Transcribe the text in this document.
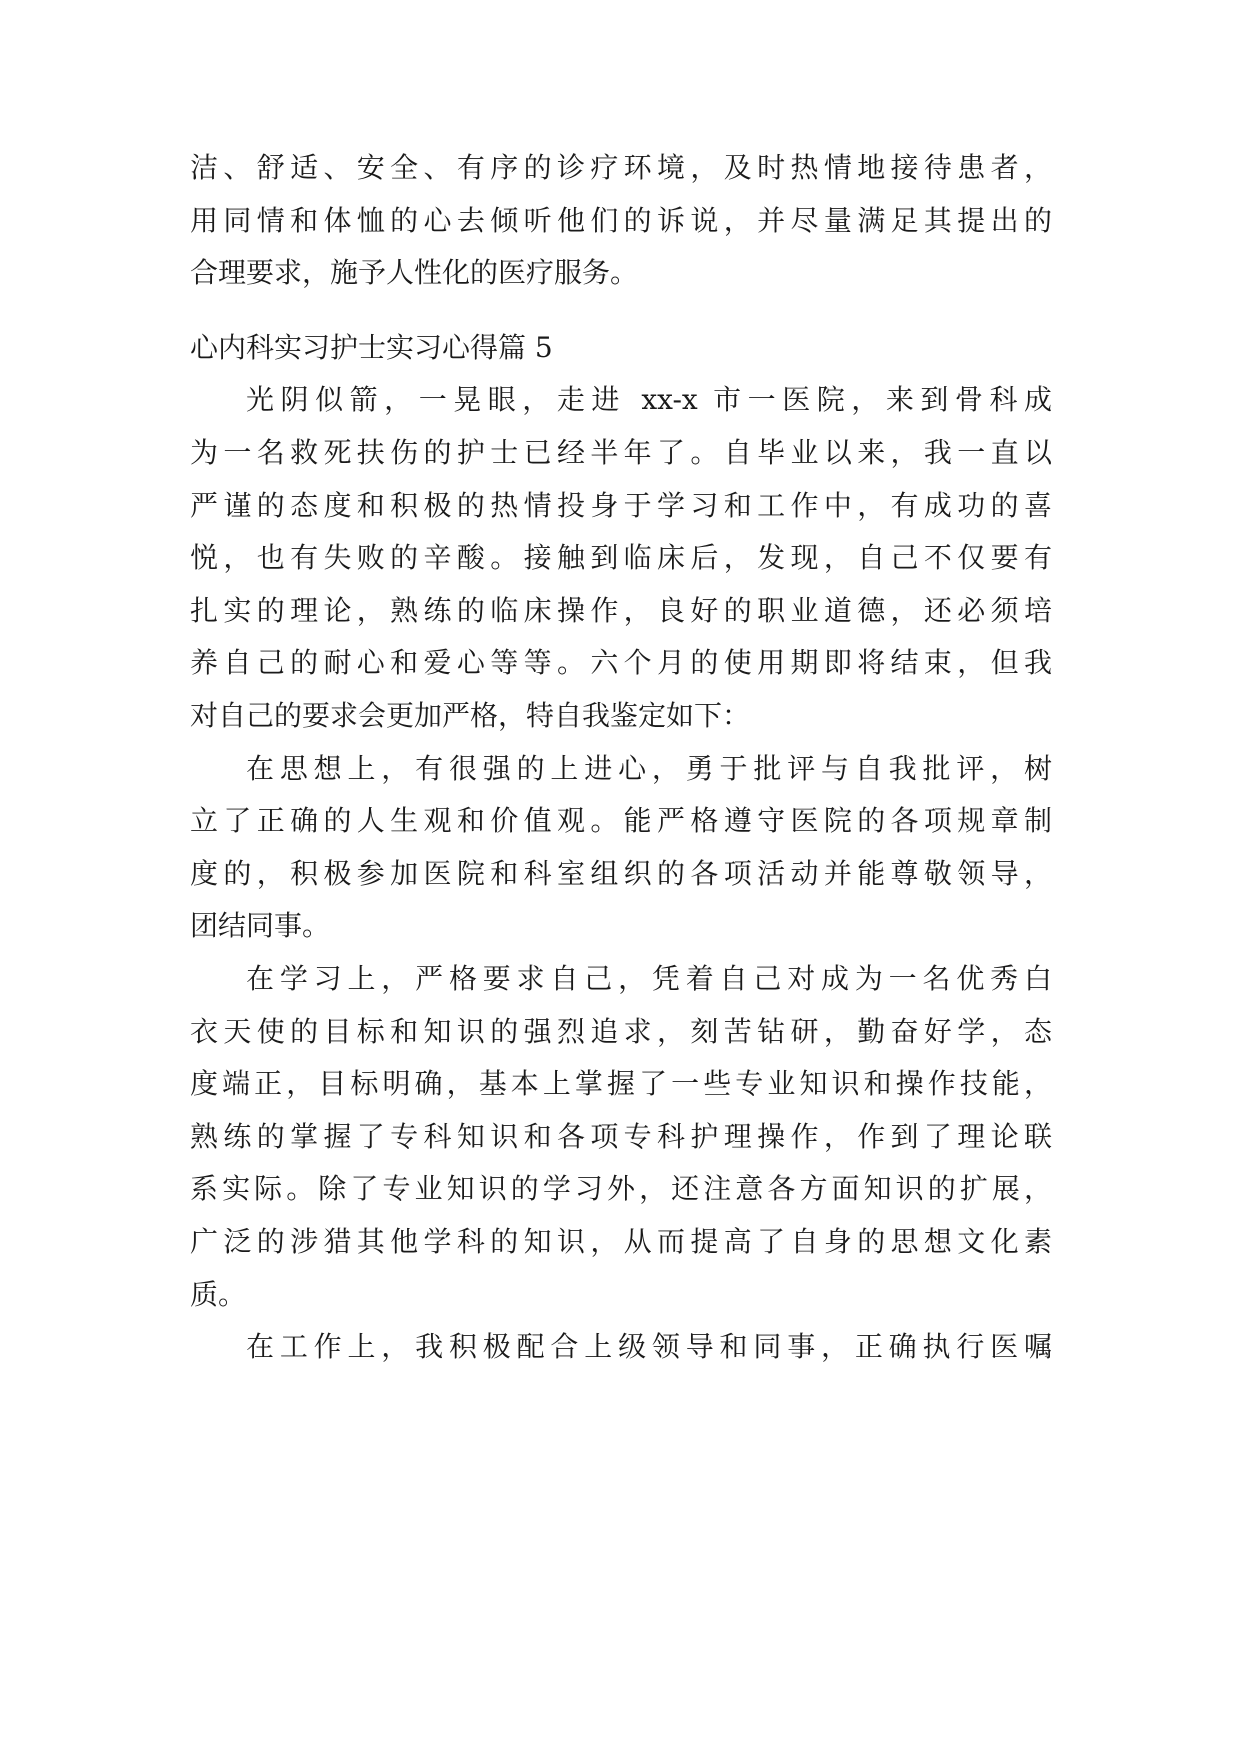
洁、舒适、安全、有序的诊疗环境，及时热情地接待患者，
用同情和体恤的心去倾听他们的诉说，并尽量满足其提出的
合理要求，施予人性化的医疗服务。
心内科实习护士实习心得篇 5
光阴似箭，一晃眼，走进 xx-x 市一医院，来到骨科成
为一名救死扶伤的护士已经半年了。自毕业以来，我一直以
严谨的态度和积极的热情投身于学习和工作中，有成功的喜
悦，也有失败的辛酸。接触到临床后，发现，自己不仅要有
扎实的理论，熟练的临床操作，良好的职业道德，还必须培
养自己的耐心和爱心等等。六个月的使用期即将结束，但我
对自己的要求会更加严格，特自我鉴定如下：
在思想上，有很强的上进心，勇于批评与自我批评，树
立了正确的人生观和价值观。能严格遵守医院的各项规章制
度的，积极参加医院和科室组织的各项活动并能尊敬领导，
团结同事。
在学习上，严格要求自己，凭着自己对成为一名优秀白
衣天使的目标和知识的强烈追求，刻苦钻研，勤奋好学，态
度端正，目标明确，基本上掌握了一些专业知识和操作技能，
熟练的掌握了专科知识和各项专科护理操作，作到了理论联
系实际。除了专业知识的学习外，还注意各方面知识的扩展，
广泛的涉猎其他学科的知识，从而提高了自身的思想文化素
质。
在工作上，我积极配合上级领导和同事，正确执行医嘱
